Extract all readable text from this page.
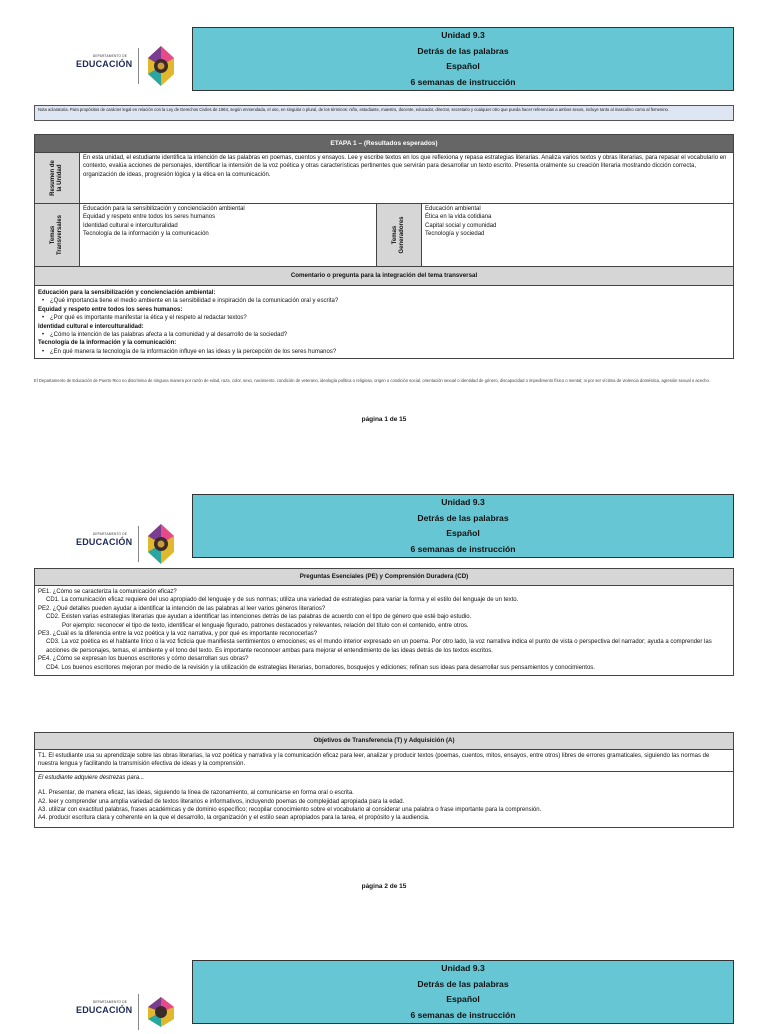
DEPARTAMENTO DE
EDUCACIÓN
Unidad 9.3
Detrás de las palabras
Español
6 semanas de instrucción
Nota aclaratoria. Para propósitos de carácter legal en relación con la Ley de Derechos Civiles de 1964, según enmendada, el uso, en singular o plural, de los términos: niño, estudiante, maestro, docente, educador, director, secretario y cualquier otro que pueda hacer referencias a ambos sexos, incluye tanto al masculino como al femenino.
ETAPA 1 – (Resultados esperados)
Resumen de la Unidad
En esta unidad, el estudiante identifica la intención de las palabras en poemas, cuentos y ensayos. Lee y escribe textos en los que reflexiona y repasa estrategias literarias. Analiza varios textos y obras literarias, para repasar el vocabulario en contexto, evalúa acciones de personajes, identificar la intensión de la voz poética y otras características pertinentes que servirán para desarrollar un texto escrito. Presenta oralmente su creación literaria mostrando dicción correcta, organización de ideas, progresión lógica y la ética en la comunicación.
Temas Transversales
Educación para la sensibilización y concienciación ambiental
Equidad y respeto entre todos los seres humanos
Identidad cultural e interculturalidad
Tecnología de la información y la comunicación	Temas Generadores
Educación ambiental
Ética en la vida cotidiana
Capital social y comunidad
Tecnología y sociedad
Comentario o pregunta para la integración del tema transversal
Educación para la sensibilización y concienciación ambiental:
• ¿Qué importancia tiene el medio ambiente en la sensibilidad e inspiración de la comunicación oral y escrita?
Equidad y respeto entre todos los seres humanos:
• ¿Por qué es importante manifestar la ética y el respeto al redactar textos?
Identidad cultural e interculturalidad:
• ¿Cómo la intención de las palabras afecta a la comunidad y al desarrollo de la sociedad?
Tecnología de la información y la comunicación:
• ¿En qué manera la tecnología de la información influye en las ideas y la percepción de los seres humanos?
El Departamento de Educación de Puerto Rico no discrimina de ninguna manera por razón de edad, raza, color, sexo, nacimiento, condición de veterano, ideología política o religiosa, origen o condición social, orientación sexual o identidad de género, discapacidad o impedimento físico o mental; ni por ser víctima de violencia doméstica, agresión sexual o acecho.
página 1 de 15
DEPARTAMENTO DE
EDUCACIÓN
Unidad 9.3
Detrás de las palabras
Español
6 semanas de instrucción
Preguntas Esenciales (PE) y Comprensión Duradera (CD)
PE1. ¿Cómo se caracteriza la comunicación eficaz?
CD1. La comunicación eficaz requiere del uso apropiado del lenguaje y de sus normas; utiliza una variedad de estrategias para variar la forma y el estilo del lenguaje de un texto.
PE2. ¿Qué detalles pueden ayudar a identificar la intención de las palabras al leer varios géneros literarios?
CD2. Existen varias estrategias literarias que ayudan a identificar las intenciones detrás de las palabras de acuerdo con el tipo de género que esté bajo estudio.
Por ejemplo: reconocer el tipo de texto, identificar el lenguaje figurado, patrones destacados y relevantes, relación del título con el contenido, entre otros.
PE3. ¿Cuál es la diferencia entre la voz poética y la voz narrativa, y por qué es importante reconocerlas?
CD3. La voz poética es el hablante lírico o la voz ficticia que manifiesta sentimientos o emociones; es el mundo interior expresado en un poema. Por otro lado, la voz narrativa indica el punto de vista o perspectiva del narrador; ayuda a comprender las acciones de personajes, temas, el ambiente y el tono del texto. Es importante reconocer ambas para mejorar el entendimiento de las ideas detrás de los textos escritos.
PE4. ¿Cómo se expresan los buenos escritores y cómo desarrollan sus obras?
CD4. Los buenos escritores mejoran por medio de la revisión y la utilización de estrategias literarias, borradores, bosquejos y ediciones; refinan sus ideas para desarrollar sus pensamientos y conocimientos.
Objetivos de Transferencia (T) y Adquisición (A)
T1. El estudiante usa su aprendizaje sobre las obras literarias, la voz poética y narrativa y la comunicación eficaz para leer, analizar y producir textos (poemas, cuentos, mitos, ensayos, entre otros) libres de errores gramaticales, siguiendo las normas de nuestra lengua y facilitando la transmisión efectiva de ideas y la comprensión.
El estudiante adquiere destrezas para...
A1. Presentar, de manera eficaz, las ideas, siguiendo la línea de razonamiento, al comunicarse en forma oral o escrita.
A2. leer y comprender una amplia variedad de textos literarios e informativos, incluyendo poemas de complejidad apropiada para la edad.
A3. utilizar con exactitud palabras, frases académicas y de dominio específico; recopilar conocimiento sobre el vocabulario al considerar una palabra o frase importante para la comprensión.
A4. producir escritura clara y coherente en la que el desarrollo, la organización y el estilo sean apropiados para la tarea, el propósito y la audiencia.
página 2 de 15
DEPARTAMENTO DE
EDUCACIÓN
Unidad 9.3
Detrás de las palabras
Español
6 semanas de instrucción
